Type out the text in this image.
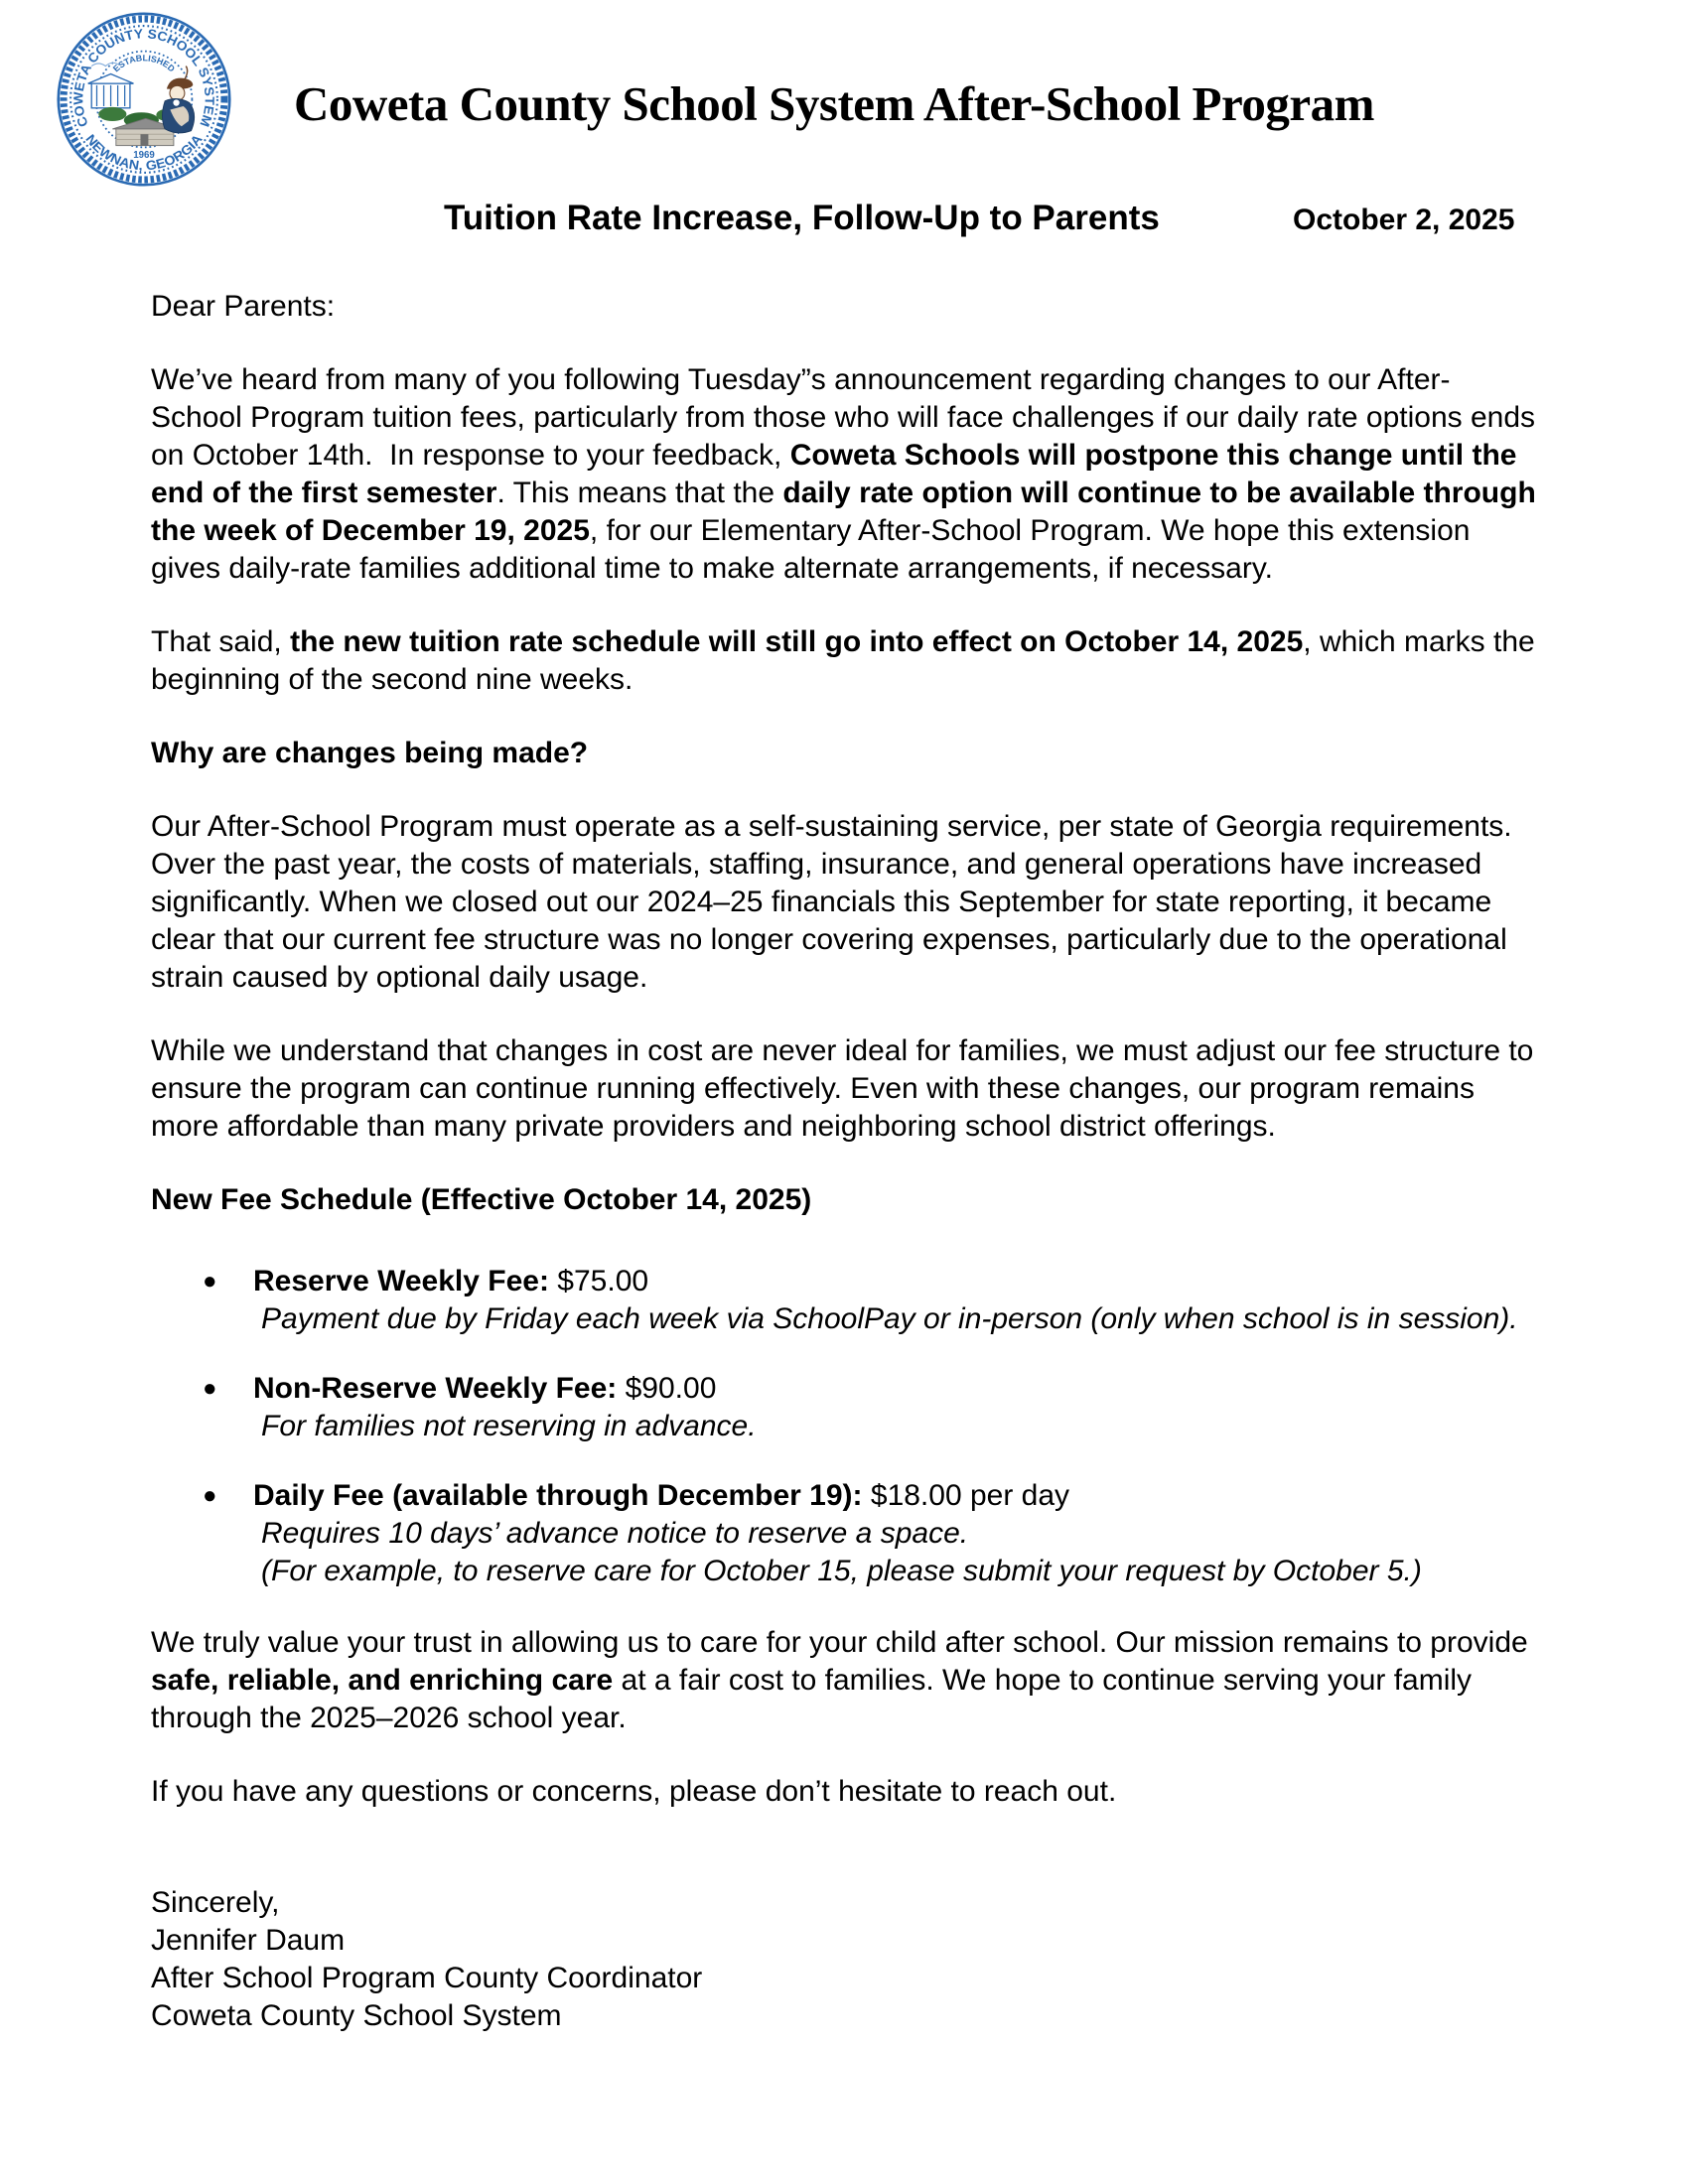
COWETA COUNTY SCHOOL SYSTEM
NEWNAN, GEORGIA
ESTABLISHED
1969
Coweta County School System After-School Program
Tuition Rate Increase, Follow-Up to Parents	October 2, 2025

Dear Parents:

We’ve heard from many of you following Tuesday”s announcement regarding changes to our After-School Program tuition fees, particularly from those who will face challenges if our daily rate options ends on October 14th.  In response to your feedback, Coweta Schools will postpone this change until the end of the first semester. This means that the daily rate option will continue to be available through the week of December 19, 2025, for our Elementary After-School Program. We hope this extension gives daily-rate families additional time to make alternate arrangements, if necessary.

That said, the new tuition rate schedule will still go into effect on October 14, 2025, which marks the beginning of the second nine weeks.

Why are changes being made?

Our After-School Program must operate as a self-sustaining service, per state of Georgia requirements. Over the past year, the costs of materials, staffing, insurance, and general operations have increased significantly. When we closed out our 2024–25 financials this September for state reporting, it became clear that our current fee structure was no longer covering expenses, particularly due to the operational strain caused by optional daily usage.

While we understand that changes in cost are never ideal for families, we must adjust our fee structure to ensure the program can continue running effectively. Even with these changes, our program remains more affordable than many private providers and neighboring school district offerings.

New Fee Schedule (Effective October 14, 2025)

● Reserve Weekly Fee: $75.00
Payment due by Friday each week via SchoolPay or in-person (only when school is in session).
● Non-Reserve Weekly Fee: $90.00
For families not reserving in advance.
● Daily Fee (available through December 19): $18.00 per day
Requires 10 days’ advance notice to reserve a space.
(For example, to reserve care for October 15, please submit your request by October 5.)

We truly value your trust in allowing us to care for your child after school. Our mission remains to provide safe, reliable, and enriching care at a fair cost to families. We hope to continue serving your family through the 2025–2026 school year.

If you have any questions or concerns, please don’t hesitate to reach out.

Sincerely,
Jennifer Daum
After School Program County Coordinator
Coweta County School System
